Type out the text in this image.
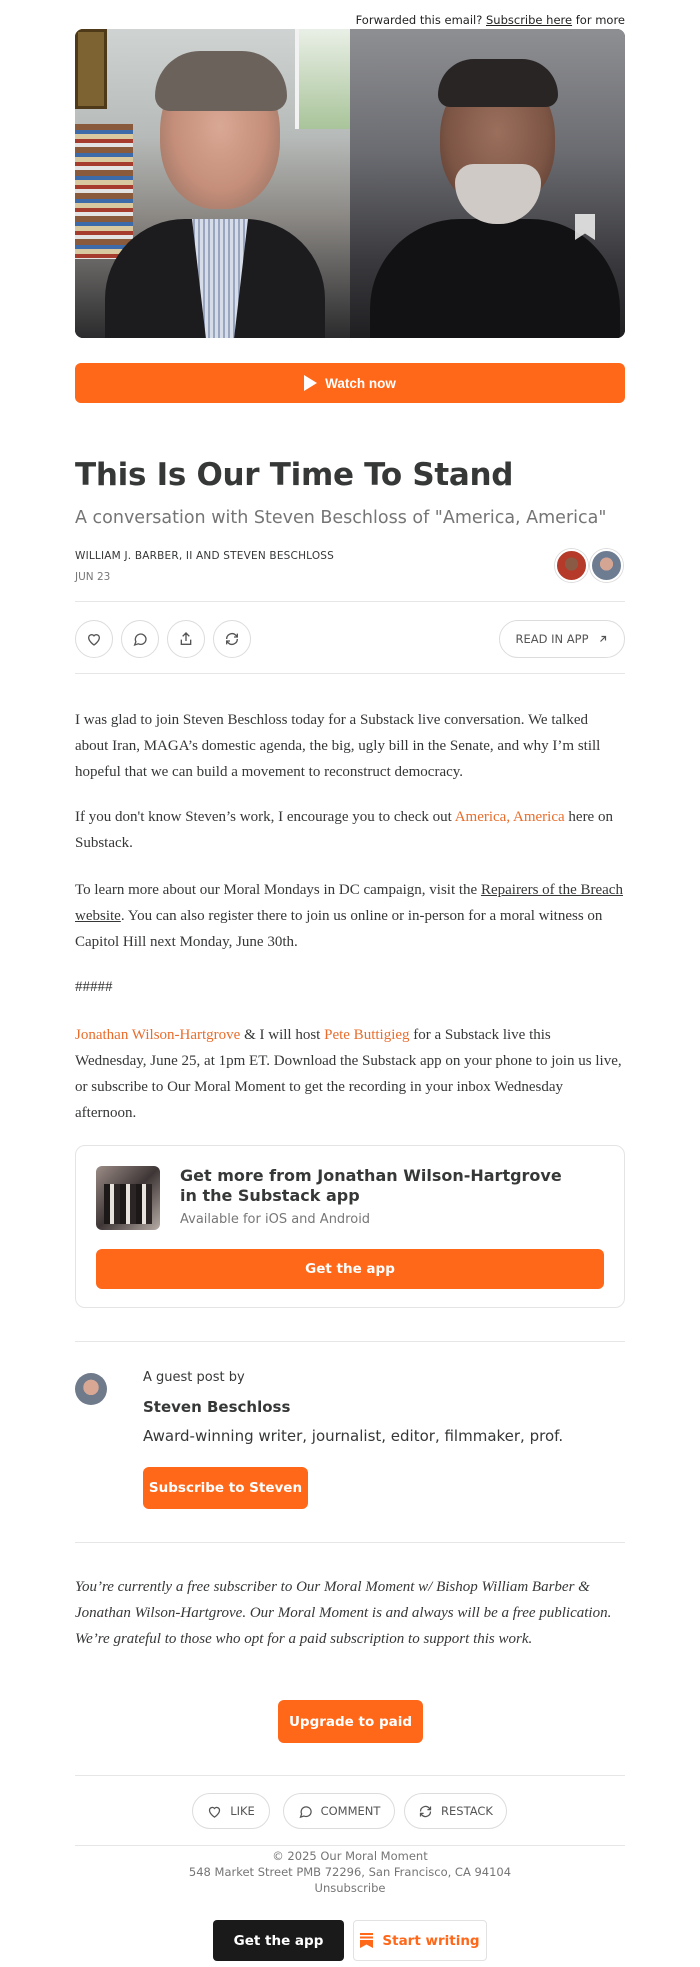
Forwarded this email? Subscribe here for more
Watch now
This Is Our Time To Stand
A conversation with Steven Beschloss of "America, America"
WILLIAM J. BARBER, II AND STEVEN BESCHLOSS
JUN 23
READ IN APP
I was glad to join Steven Beschloss today for a Substack live conversation. We talked about Iran, MAGA’s domestic agenda, the big, ugly bill in the Senate, and why I’m still hopeful that we can build a movement to reconstruct democracy.
If you don't know Steven’s work, I encourage you to check out America, America here on Substack.
To learn more about our Moral Mondays in DC campaign, visit the Repairers of the Breach website. You can also register there to join us online or in-person for a moral witness on Capitol Hill next Monday, June 30th.
#####
Jonathan Wilson-Hartgrove & I will host Pete Buttigieg for a Substack live this Wednesday, June 25, at 1pm ET. Download the Substack app on your phone to join us live, or subscribe to Our Moral Moment to get the recording in your inbox Wednesday afternoon.
Get more from Jonathan Wilson-Hartgrove in the Substack app
Available for iOS and Android
Get the app
A guest post by
Steven Beschloss
Award-winning writer, journalist, editor, filmmaker, prof.
Subscribe to Steven
You’re currently a free subscriber to Our Moral Moment w/ Bishop William Barber & Jonathan Wilson-Hartgrove. Our Moral Moment is and always will be a free publication. We’re grateful to those who opt for a paid subscription to support this work.
Upgrade to paid
LIKE	COMMENT	RESTACK
© 2025 Our Moral Moment
548 Market Street PMB 72296, San Francisco, CA 94104
Unsubscribe
Get the app	Start writing
